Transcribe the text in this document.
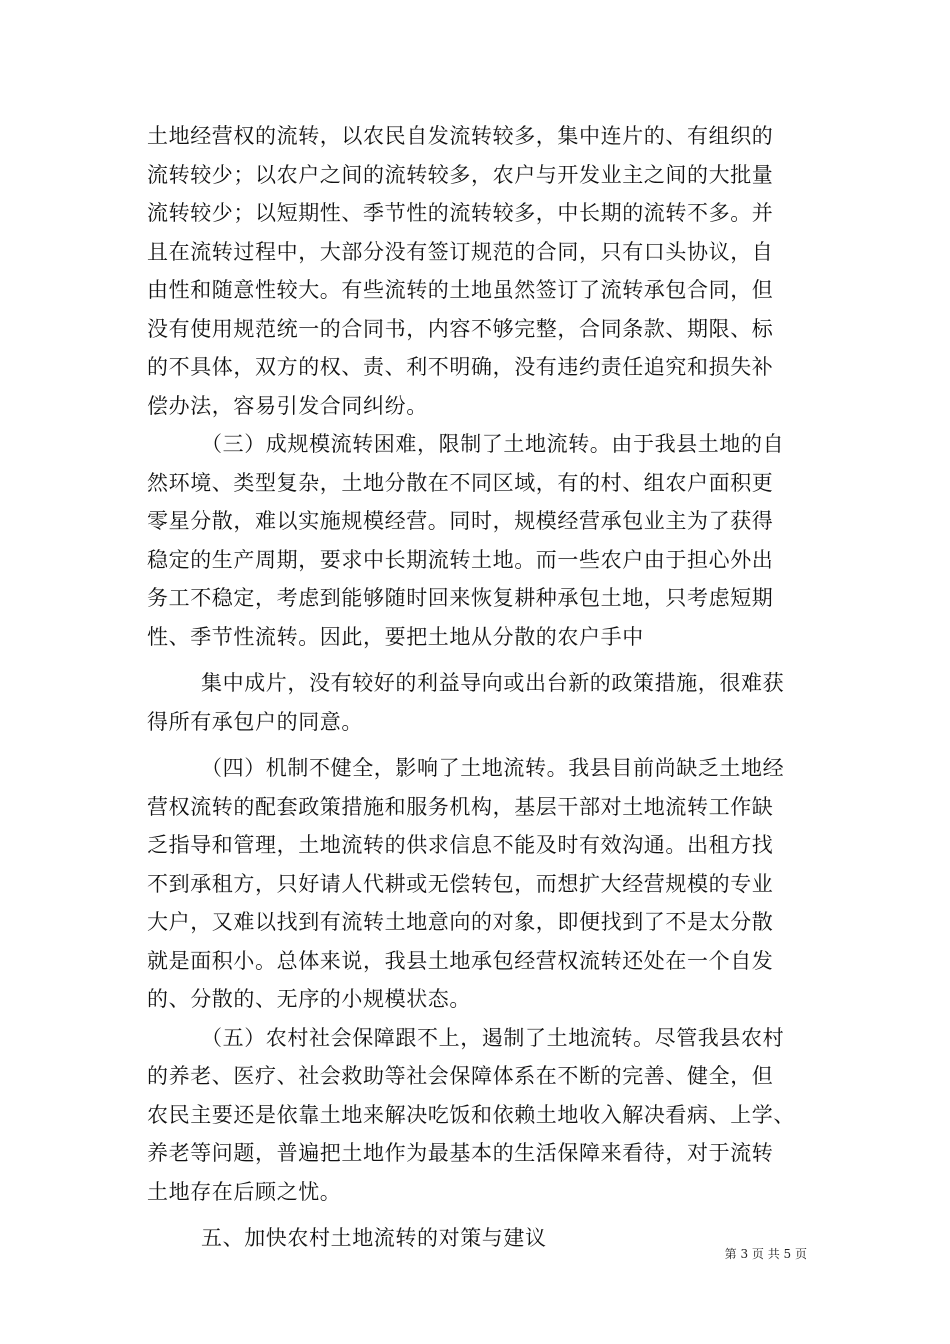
土地经营权的流转，以农民自发流转较多，集中连片的、有组织的
流转较少；以农户之间的流转较多，农户与开发业主之间的大批量
流转较少；以短期性、季节性的流转较多，中长期的流转不多。并
且在流转过程中，大部分没有签订规范的合同，只有口头协议，自
由性和随意性较大。有些流转的土地虽然签订了流转承包合同，但
没有使用规范统一的合同书，内容不够完整，合同条款、期限、标
的不具体，双方的权、责、利不明确，没有违约责任追究和损失补
偿办法，容易引发合同纠纷。
（三）成规模流转困难，限制了土地流转。由于我县土地的自
然环境、类型复杂，土地分散在不同区域，有的村、组农户面积更
零星分散，难以实施规模经营。同时，规模经营承包业主为了获得
稳定的生产周期，要求中长期流转土地。而一些农户由于担心外出
务工不稳定，考虑到能够随时回来恢复耕种承包土地，只考虑短期
性、季节性流转。因此，要把土地从分散的农户手中
集中成片，没有较好的利益导向或出台新的政策措施，很难获
得所有承包户的同意。
（四）机制不健全，影响了土地流转。我县目前尚缺乏土地经
营权流转的配套政策措施和服务机构，基层干部对土地流转工作缺
乏指导和管理，土地流转的供求信息不能及时有效沟通。出租方找
不到承租方，只好请人代耕或无偿转包，而想扩大经营规模的专业
大户，又难以找到有流转土地意向的对象，即便找到了不是太分散
就是面积小。总体来说，我县土地承包经营权流转还处在一个自发
的、分散的、无序的小规模状态。
（五）农村社会保障跟不上，遏制了土地流转。尽管我县农村
的养老、医疗、社会救助等社会保障体系在不断的完善、健全，但
农民主要还是依靠土地来解决吃饭和依赖土地收入解决看病、上学、
养老等问题，普遍把土地作为最基本的生活保障来看待，对于流转
土地存在后顾之忧。
五、加快农村土地流转的对策与建议
第 3 页 共 5 页
